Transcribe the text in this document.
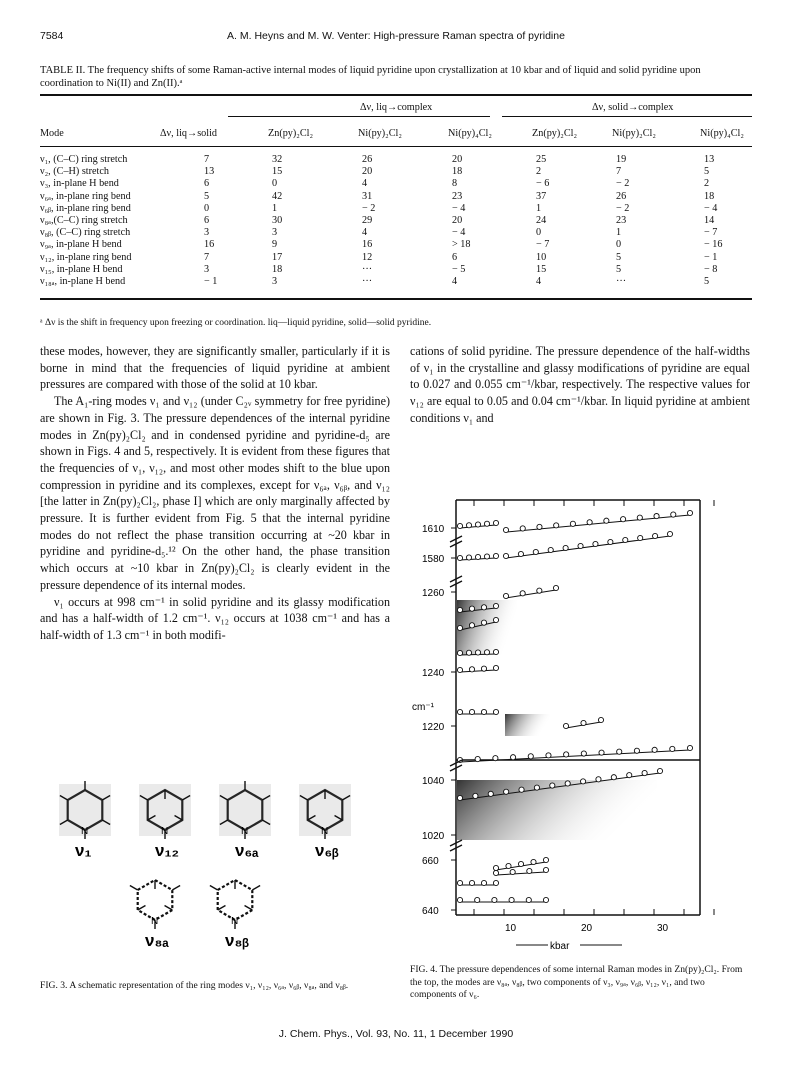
7584	A. M. Heyns and M. W. Venter: High-pressure Raman spectra of pyridine
TABLE II. The frequency shifts of some Raman-active internal modes of liquid pyridine upon crystallization at 10 kbar and of liquid and solid pyridine upon coordination to Ni(II) and Zn(II).ᵃ
Δν, liq→complex	Δν, solid→complex
Mode	Δν, liq→solid	Zn(py)₂Cl₂	Ni(py)₂Cl₂	Ni(py)₄Cl₂	Zn(py)₂Cl₂	Ni(py)₂Cl₂	Ni(py)₄Cl₂
ν₁, (C–C) ring stretch	7	32	26	20	25	19	13
ν₂, (C–H) stretch	13	15	20	18	2	7	5
ν₃, in-plane H bend	6	0	4	8	− 6	− 2	2
ν₆ₐ, in-plane ring bend	5	42	31	23	37	26	18
ν₆ᵦ, in-plane ring bend	0	1	− 2	− 4	1	− 2	− 4
ν₈ₐ,(C–C) ring stretch	6	30	29	20	24	23	14
ν₈ᵦ, (C–C) ring stretch	3	3	4	− 4	0	1	− 7
ν₉ₐ, in-plane H bend	16	9	16	> 18	− 7	0	− 16
ν₁₂, in-plane ring bend	7	17	12	6	10	5	− 1
ν₁₅, in-plane H bend	3	18	···	− 5	15	5	− 8
ν₁₈ₐ, in-plane H bend	− 1	3	···	4	4	···	5
ᵃ Δν is the shift in frequency upon freezing or coordination. liq—liquid pyridine, solid—solid pyridine.

these modes, however, they are significantly smaller, particularly if it is borne in mind that the frequencies of liquid pyridine at ambient pressures are compared with those of the solid at 10 kbar.

The A₁-ring modes ν₁ and ν₁₂ (under C₂ᵥ symmetry for free pyridine) are shown in Fig. 3. The pressure dependences of the internal pyridine modes in Zn(py)₂Cl₂ and in condensed pyridine and pyridine-d₅ are shown in Figs. 4 and 5, respectively. It is evident from these figures that the frequencies of ν₁, ν₁₂, and most other modes shift to the blue upon compression in pyridine and its complexes, except for ν₆ₐ, ν₆ᵦ, and ν₁₂ [the latter in Zn(py)₂Cl₂, phase I] which are only marginally affected by pressure. It is further evident from Fig. 5 that the internal pyridine modes do not reflect the phase transition occurring at ~20 kbar in pyridine and pyridine-d₅.¹² On the other hand, the phase transition which occurs at ~10 kbar in Zn(py)₂Cl₂ is clearly evident in the pressure dependence of its internal modes.

ν₁ occurs at 998 cm⁻¹ in solid pyridine and its glassy modification and has a half-width of 1.2 cm⁻¹. ν₁₂ occurs at 1038 cm⁻¹ and has a half-width of 1.3 cm⁻¹ in both modifi-

cations of solid pyridine. The pressure dependence of the half-widths of ν₁ in the crystalline and glassy modifications of pyridine are equal to 0.027 and 0.055 cm⁻¹/kbar, respectively. The respective values for ν₁₂ are equal to 0.05 and 0.04 cm⁻¹/kbar. In liquid pyridine at ambient conditions ν₁ and

N
ν₁
N
ν₁₂
N
ν₆ₐ
N
ν₆ᵦ
N
ν₈ₐ
N
ν₈ᵦ
FIG. 3. A schematic representation of the ring modes ν₁, ν₁₂, ν₆ₐ, ν₆ᵦ, ν₈ₐ, and ν₈ᵦ.
1610
1580
1260
1240
1220
1040
1020
660
640
10	20	30
kbar
cm⁻¹
FIG. 4. The pressure dependences of some internal Raman modes in Zn(py)₂Cl₂. From the top, the modes are ν₈ₐ, ν₈ᵦ, two components of ν₃, ν₉ₐ, ν₆ᵦ, ν₁₂, ν₁, and two components of ν₆.
J. Chem. Phys., Vol. 93, No. 11, 1 December 1990
